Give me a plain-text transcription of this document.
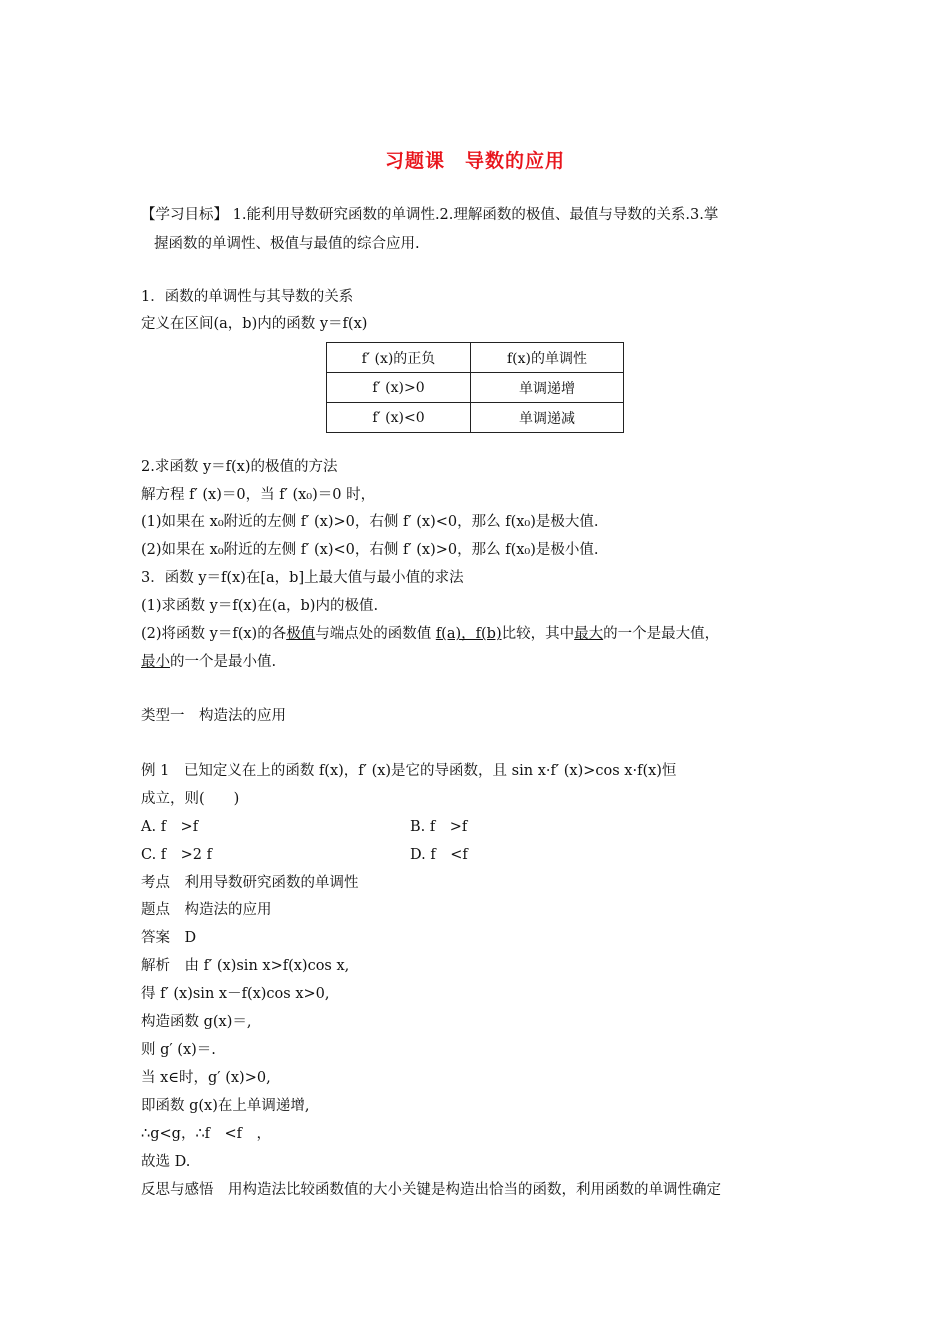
习题课　导数的应用
【学习目标】 1.能利用导数研究函数的单调性.2.理解函数的极值、最值与导数的关系.3.掌
握函数的单调性、极值与最值的综合应用.
1．函数的单调性与其导数的关系
定义在区间(a，b)内的函数 y＝f(x)
f′ (x)的正负	f(x)的单调性
f′ (x)>0	单调递增
f′ (x)<0	单调递减
2.求函数 y＝f(x)的极值的方法
解方程 f′ (x)＝0，当 f′ (x₀)＝0 时，
(1)如果在 x₀附近的左侧 f′ (x)>0，右侧 f′ (x)<0，那么 f(x₀)是极大值.
(2)如果在 x₀附近的左侧 f′ (x)<0，右侧 f′ (x)>0，那么 f(x₀)是极小值.
3．函数 y＝f(x)在[a，b]上最大值与最小值的求法
(1)求函数 y＝f(x)在(a，b)内的极值.
(2)将函数 y＝f(x)的各极值与端点处的函数值 f(a)，f(b)比较，其中最大的一个是最大值，
最小的一个是最小值.
类型一　构造法的应用
例 1　已知定义在上的函数 f(x)，f′ (x)是它的导函数，且 sin x·f′ (x)>cos x·f(x)恒
成立，则(　　)
A. f　>f	B. f　>f
C. f　>2 f	D. f　<f
考点　利用导数研究函数的单调性
题点　构造法的应用
答案　D
解析　由 f′ (x)sin x>f(x)cos x,
得 f′ (x)sin x－f(x)cos x>0,
构造函数 g(x)＝,
则 g′ (x)＝.
当 x∈时，g′ (x)>0,
即函数 g(x)在上单调递增,
∴g<g，∴f　<f　，
故选 D.
反思与感悟　用构造法比较函数值的大小关键是构造出恰当的函数，利用函数的单调性确定
